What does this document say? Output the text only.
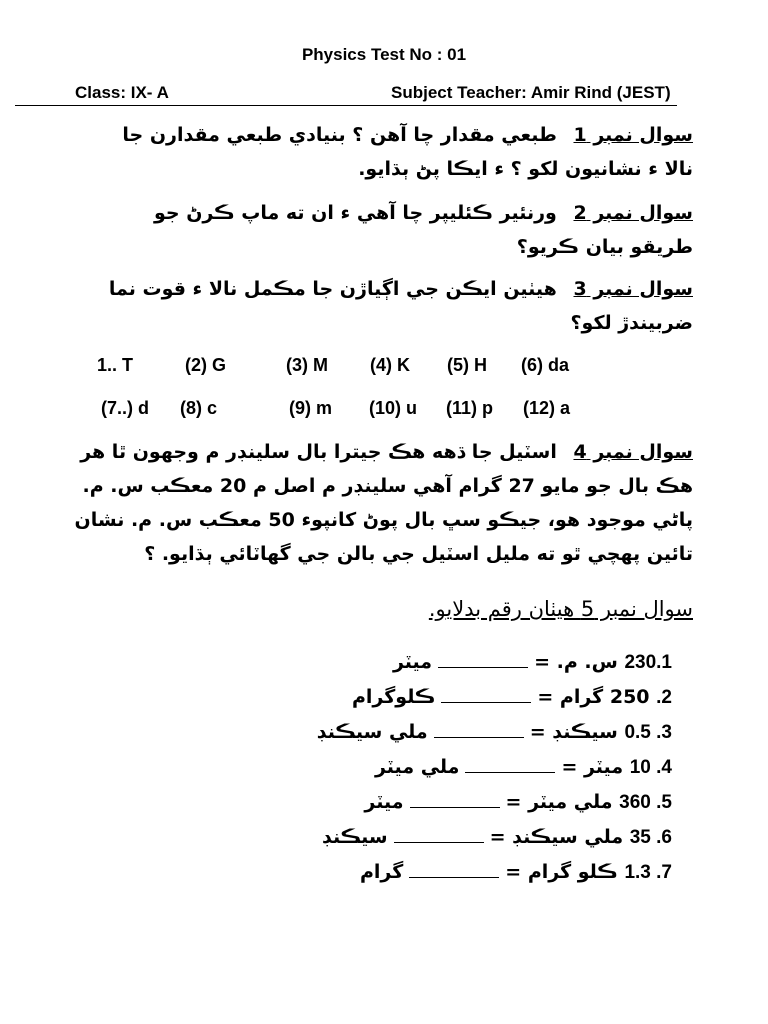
Physics Test No : 01
Class: IX- A	Subject Teacher: Amir Rind (JEST)
سوال نمبر 1 طبعي مقدار چا آهن ؟ بنيادي طبعي مقدارن جا نالا ء نشانيون لکو ؟ ء ايڪا پڻ ٻڌايو.
سوال نمبر 2 ورنئير ڪئليپر چا آهي ء ان ته ماپ ڪرڻ جو طريقو بيان ڪريو؟
سوال نمبر 3 هيٺين ايڪن جي اڳياڙن جا مڪمل نالا ء قوت نما ضربيندڙ لکو؟
1.. T	(2) G	(3) M (4) K (5) H (6) da
(7..) d (8) c	(9) m (10) u (11) p (12) a
سوال نمبر 4 اسٽيل جا ڌهه هڪ جيترا بال سلينڊر م وجهون ٿا هر هڪ بال جو مايو 27 گرام آهي سلينڊر م اصل م 20 معڪب س. م. پاڻي موجود هو، جيڪو سڀ بال پوڻ کانپوء 50 معڪب س. م. نشان تائين پهچي ٿو ته مليل اسٽيل جي بالن جي گهاٽائي ٻڌايو. ؟
سوال نمبر 5 هيٺان رقم بدلايو.
230.1 س. م. =ميٽر
2. 250 گرام =ڪلوگرام
3. 0.5 سيڪنڊ =ملي سيڪنڊ
4. 10 ميٽر =ملي ميٽر
5. 360 ملي ميٽر =ميٽر
6. 35 ملي سيڪنڊ =سيڪنڊ
7. 1.3 ڪلو گرام =گرام
